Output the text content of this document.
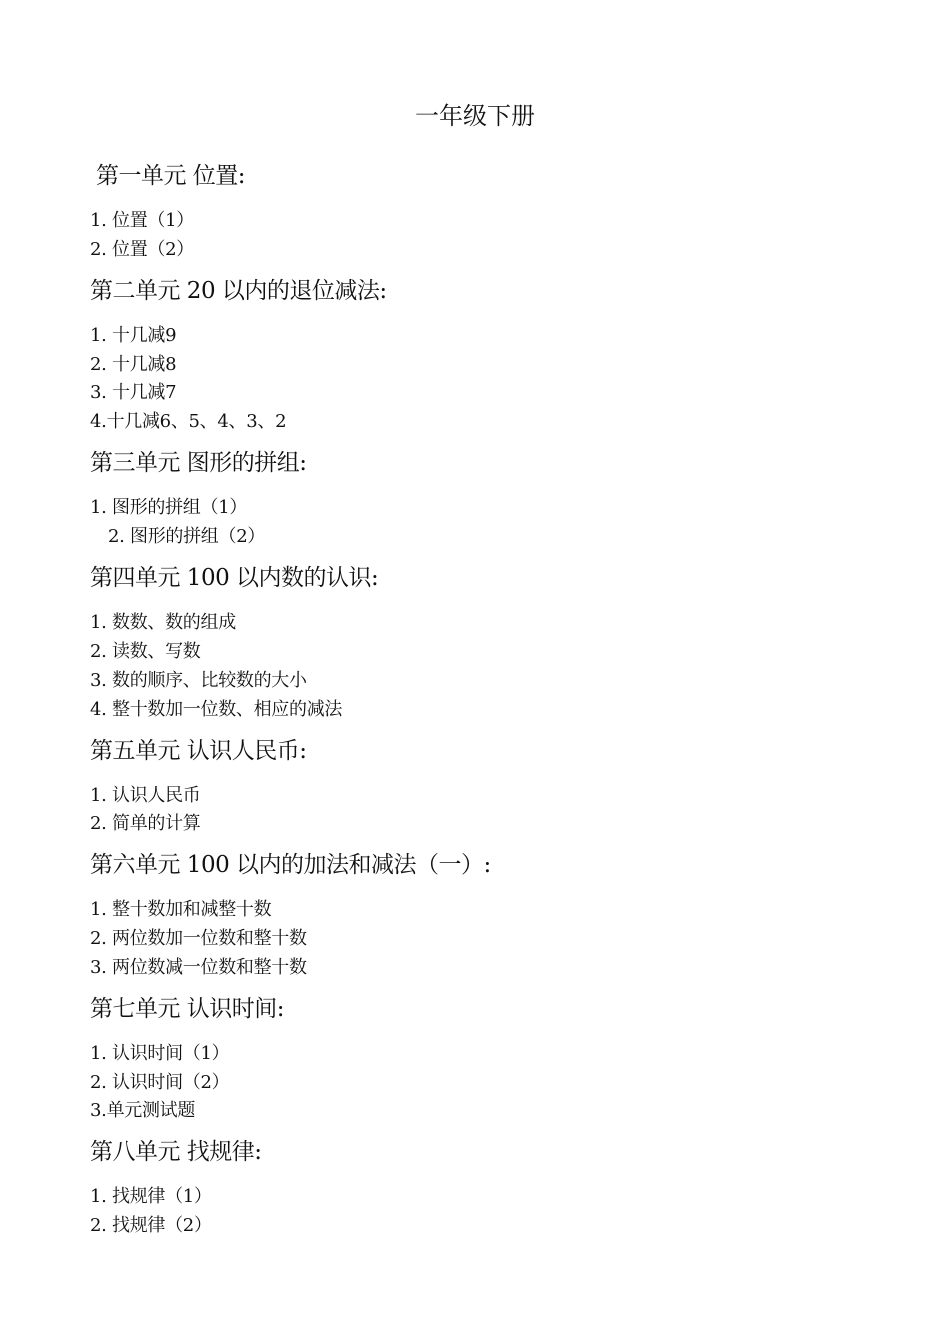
一年级下册
第一单元 位置:
1. 位置（1）
2. 位置（2）
第二单元 20 以内的退位减法:
1. 十几减9
2. 十几减8
3. 十几减7
4.十几减6、5、4、3、2
第三单元 图形的拼组:
1. 图形的拼组（1）
2. 图形的拼组（2）
第四单元 100 以内数的认识:
1. 数数、数的组成
2. 读数、写数
3. 数的顺序、比较数的大小
4. 整十数加一位数、相应的减法
第五单元 认识人民币:
1. 认识人民币
2. 简单的计算
第六单元 100 以内的加法和减法（一）:
1. 整十数加和减整十数
2. 两位数加一位数和整十数
3. 两位数减一位数和整十数
第七单元 认识时间:
1. 认识时间（1）
2. 认识时间（2）
3.单元测试题
第八单元 找规律:
1. 找规律（1）
2. 找规律（2）
